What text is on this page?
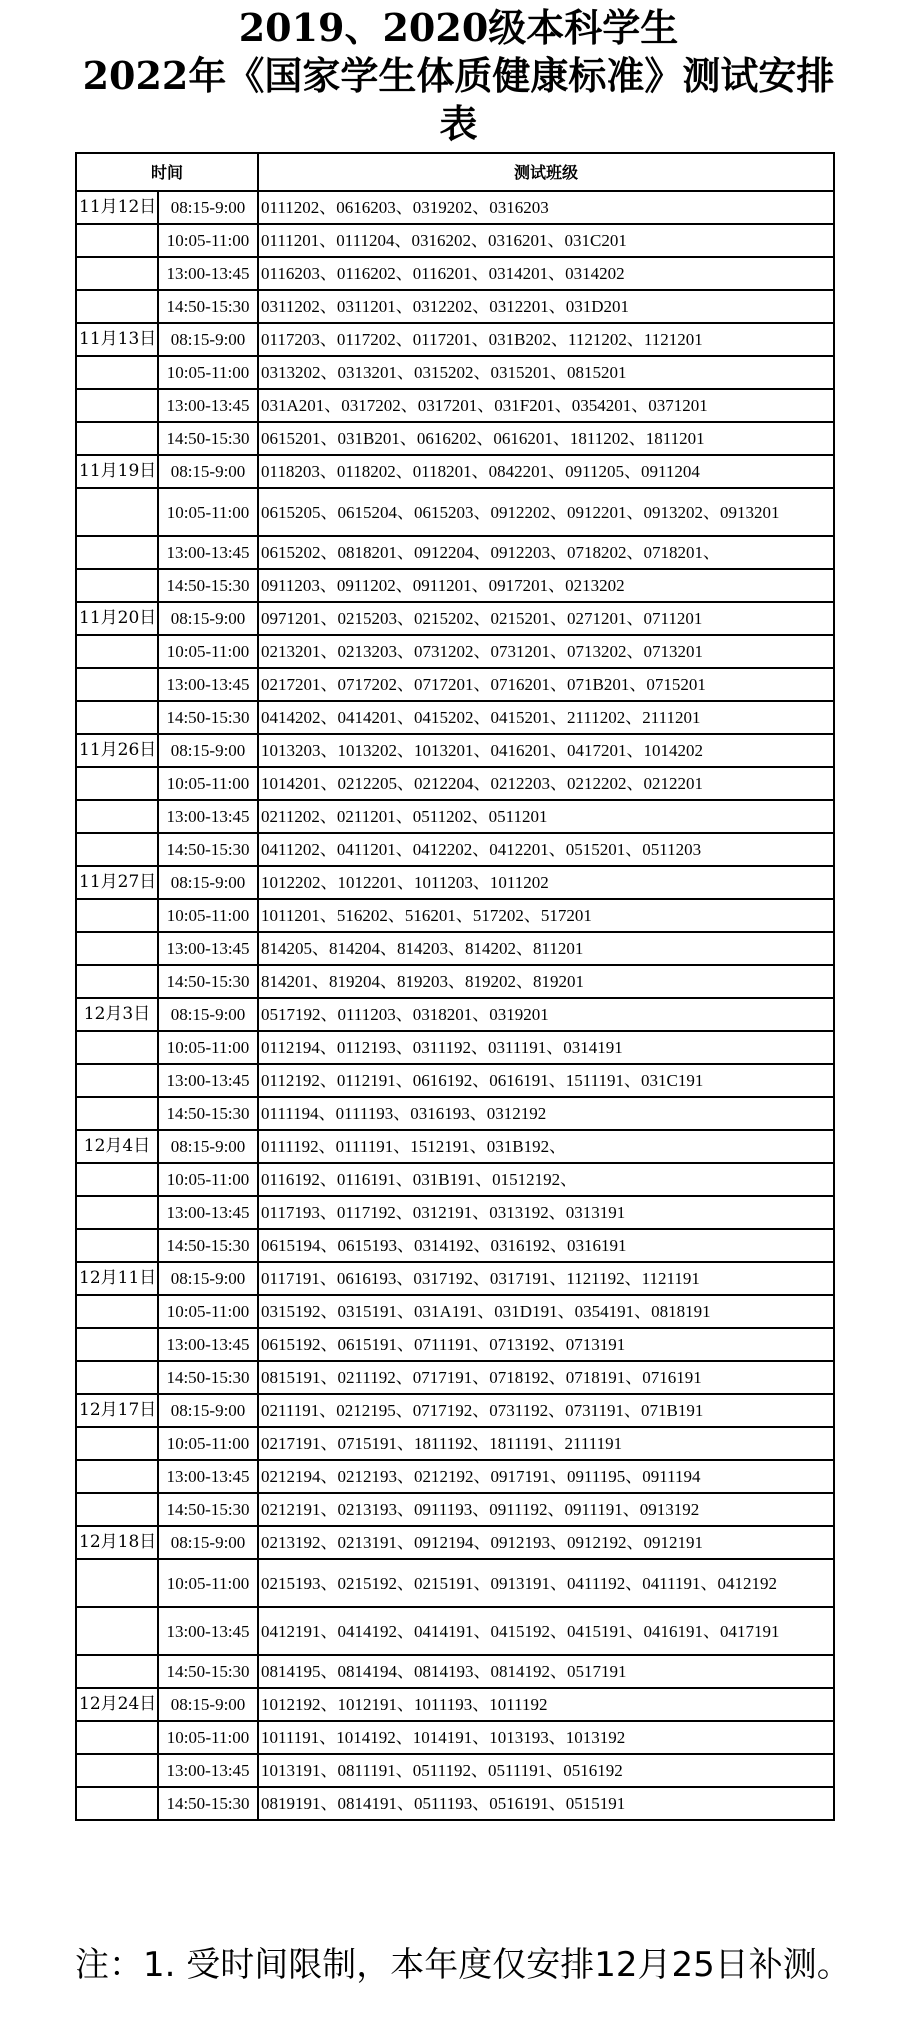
2019、2020级本科学生
2022年《国家学生体质健康标准》测试安排
表
时间		测试班级
11月12日	08:15-9:00	0111202、0616203、0319202、0316203
	10:05-11:00	0111201、0111204、0316202、0316201、031C201
	13:00-13:45	0116203、0116202、0116201、0314201、0314202
	14:50-15:30	0311202、0311201、0312202、0312201、031D201
11月13日	08:15-9:00	0117203、0117202、0117201、031B202、1121202、1121201
	10:05-11:00	0313202、0313201、0315202、0315201、0815201
	13:00-13:45	031A201、0317202、0317201、031F201、0354201、0371201
	14:50-15:30	0615201、031B201、0616202、0616201、1811202、1811201
11月19日	08:15-9:00	0118203、0118202、0118201、0842201、0911205、0911204
	10:05-11:00	0615205、0615204、0615203、0912202、0912201、0913202、0913201
	13:00-13:45	0615202、0818201、0912204、0912203、0718202、0718201、
	14:50-15:30	0911203、0911202、0911201、0917201、0213202
11月20日	08:15-9:00	0971201、0215203、0215202、0215201、0271201、0711201
	10:05-11:00	0213201、0213203、0731202、0731201、0713202、0713201
	13:00-13:45	0217201、0717202、0717201、0716201、071B201、0715201
	14:50-15:30	0414202、0414201、0415202、0415201、2111202、2111201
11月26日	08:15-9:00	1013203、1013202、1013201、0416201、0417201、1014202
	10:05-11:00	1014201、0212205、0212204、0212203、0212202、0212201
	13:00-13:45	0211202、0211201、0511202、0511201
	14:50-15:30	0411202、0411201、0412202、0412201、0515201、0511203
11月27日	08:15-9:00	1012202、1012201、1011203、1011202
	10:05-11:00	1011201、516202、516201、517202、517201
	13:00-13:45	814205、814204、814203、814202、811201
	14:50-15:30	814201、819204、819203、819202、819201
12月3日	08:15-9:00	0517192、0111203、0318201、0319201
	10:05-11:00	0112194、0112193、0311192、0311191、0314191
	13:00-13:45	0112192、0112191、0616192、0616191、1511191、031C191
	14:50-15:30	0111194、0111193、0316193、0312192
12月4日	08:15-9:00	0111192、0111191、1512191、031B192、
	10:05-11:00	0116192、0116191、031B191、01512192、
	13:00-13:45	0117193、0117192、0312191、0313192、0313191
	14:50-15:30	0615194、0615193、0314192、0316192、0316191
12月11日	08:15-9:00	0117191、0616193、0317192、0317191、1121192、1121191
	10:05-11:00	0315192、0315191、031A191、031D191、0354191、0818191
	13:00-13:45	0615192、0615191、0711191、0713192、0713191
	14:50-15:30	0815191、0211192、0717191、0718192、0718191、0716191
12月17日	08:15-9:00	0211191、0212195、0717192、0731192、0731191、071B191
	10:05-11:00	0217191、0715191、1811192、1811191、2111191
	13:00-13:45	0212194、0212193、0212192、0917191、0911195、0911194
	14:50-15:30	0212191、0213193、0911193、0911192、0911191、0913192
12月18日	08:15-9:00	0213192、0213191、0912194、0912193、0912192、0912191
	10:05-11:00	0215193、0215192、0215191、0913191、0411192、0411191、0412192
	13:00-13:45	0412191、0414192、0414191、0415192、0415191、0416191、0417191
	14:50-15:30	0814195、0814194、0814193、0814192、0517191
12月24日	08:15-9:00	1012192、1012191、1011193、1011192
	10:05-11:00	1011191、1014192、1014191、1013193、1013192
	13:00-13:45	1013191、0811191、0511192、0511191、0516192
	14:50-15:30	0819191、0814191、0511193、0516191、0515191
注：1. 受时间限制，本年度仅安排12月25日补测。
